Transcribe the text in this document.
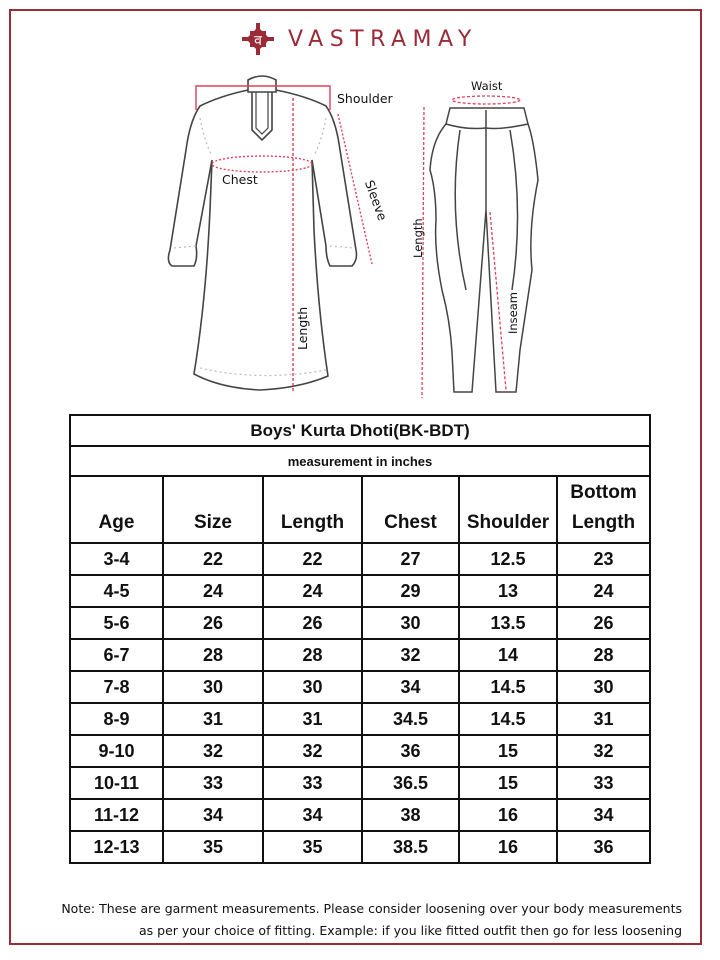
व VASTRAMAY
Shoulder
Chest	Sleeve
Length
Waist
Length
Inseam
Boys' Kurta Dhoti(BK-BDT)					
measurement in inches					
Age	Size	Length	Chest	Shoulder	Bottom
Length
3-4	22	22	27	12.5	23
4-5	24	24	29	13	24
5-6	26	26	30	13.5	26
6-7	28	28	32	14	28
7-8	30	30	34	14.5	30
8-9	31	31	34.5	14.5	31
9-10	32	32	36	15	32
10-11	33	33	36.5	15	33
11-12	34	34	38	16	34
12-13	35	35	38.5	16	36
Note: These are garment measurements. Please consider loosening over your body measurements
as per your choice of fitting. Example: if you like fitted outfit then go for less loosening
